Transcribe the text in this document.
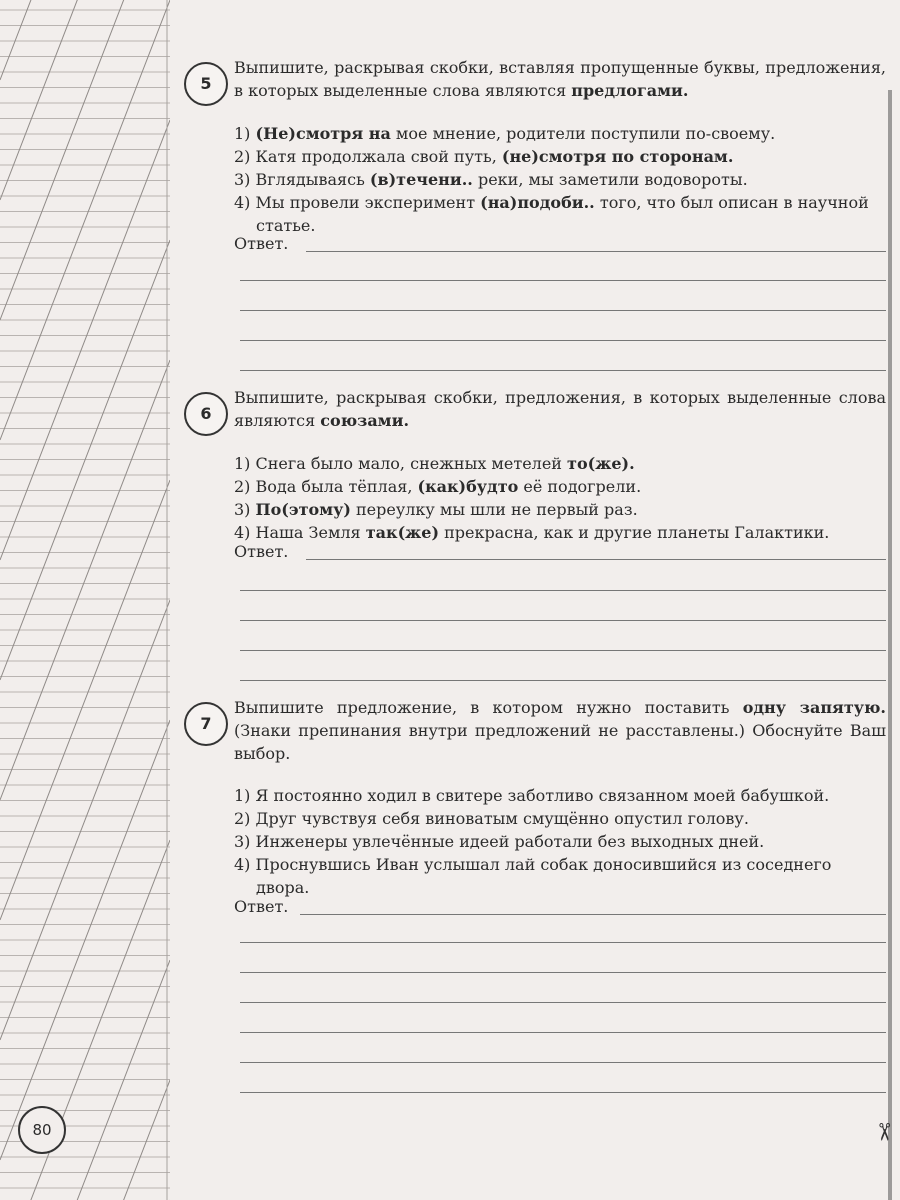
5

Выпишите, раскрывая скобки, вставляя пропущенные буквы, предложения, в которых выделенные слова являются предлогами.

1) (Не)смотря на мое мнение, родители поступили по-своему.
2) Катя продолжала свой путь, (не)смотря по сторонам.
3) Вглядываясь (в)течени.. реки, мы заметили водовороты.
4) Мы провели эксперимент (на)подоби.. того, что был описан в научной статье.
Ответ.
6

Выпишите, раскрывая скобки, предложения, в которых выделенные слова являются союзами.

1) Снега было мало, снежных метелей то(же).
2) Вода была тёплая, (как)будто её подогрели.
3) По(этому) переулку мы шли не первый раз.
4) Наша Земля так(же) прекрасна, как и другие планеты Галактики.
Ответ.
7

Выпишите предложение, в котором нужно поставить одну запятую. (Знаки препинания внутри предложений не расставлены.) Обоснуйте Ваш выбор.

1) Я постоянно ходил в свитере заботливо связанном моей бабушкой.
2) Друг чувствуя себя виноватым смущённо опустил голову.
3) Инженеры увлечённые идеей работали без выходных дней.
4) Проснувшись Иван услышал лай собак доносившийся из соседнего двора.
Ответ.
80	✂
